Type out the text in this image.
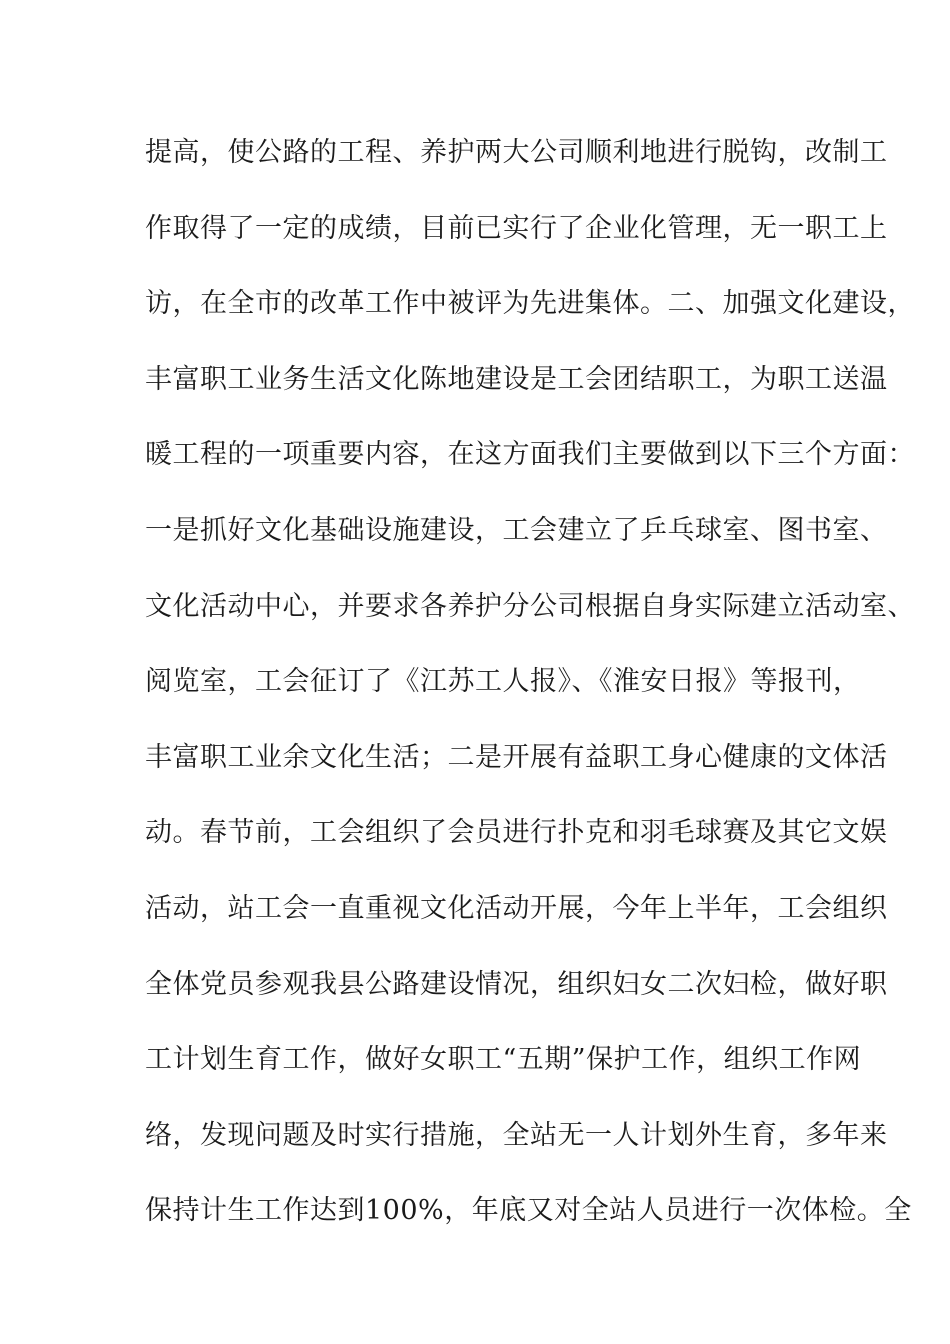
提高，使公路的工程、养护两大公司顺利地进行脱钩，改制工
作取得了一定的成绩，目前已实行了企业化管理，无一职工上
访，在全市的改革工作中被评为先进集体。二、加强文化建设，
丰富职工业务生活文化陈地建设是工会团结职工，为职工送温
暖工程的一项重要内容，在这方面我们主要做到以下三个方面：
一是抓好文化基础设施建设，工会建立了乒乓球室、图书室、
文化活动中心，并要求各养护分公司根据自身实际建立活动室、
阅览室，工会征订了《江苏工人报》、《淮安日报》等报刊，
丰富职工业余文化生活；二是开展有益职工身心健康的文体活
动。春节前，工会组织了会员进行扑克和羽毛球赛及其它文娱
活动，站工会一直重视文化活动开展，今年上半年，工会组织
全体党员参观我县公路建设情况，组织妇女二次妇检，做好职
工计划生育工作，做好女职工“五期”保护工作，组织工作网
络，发现问题及时实行措施，全站无一人计划外生育，多年来
保持计生工作达到100%，年底又对全站人员进行一次体检。全
